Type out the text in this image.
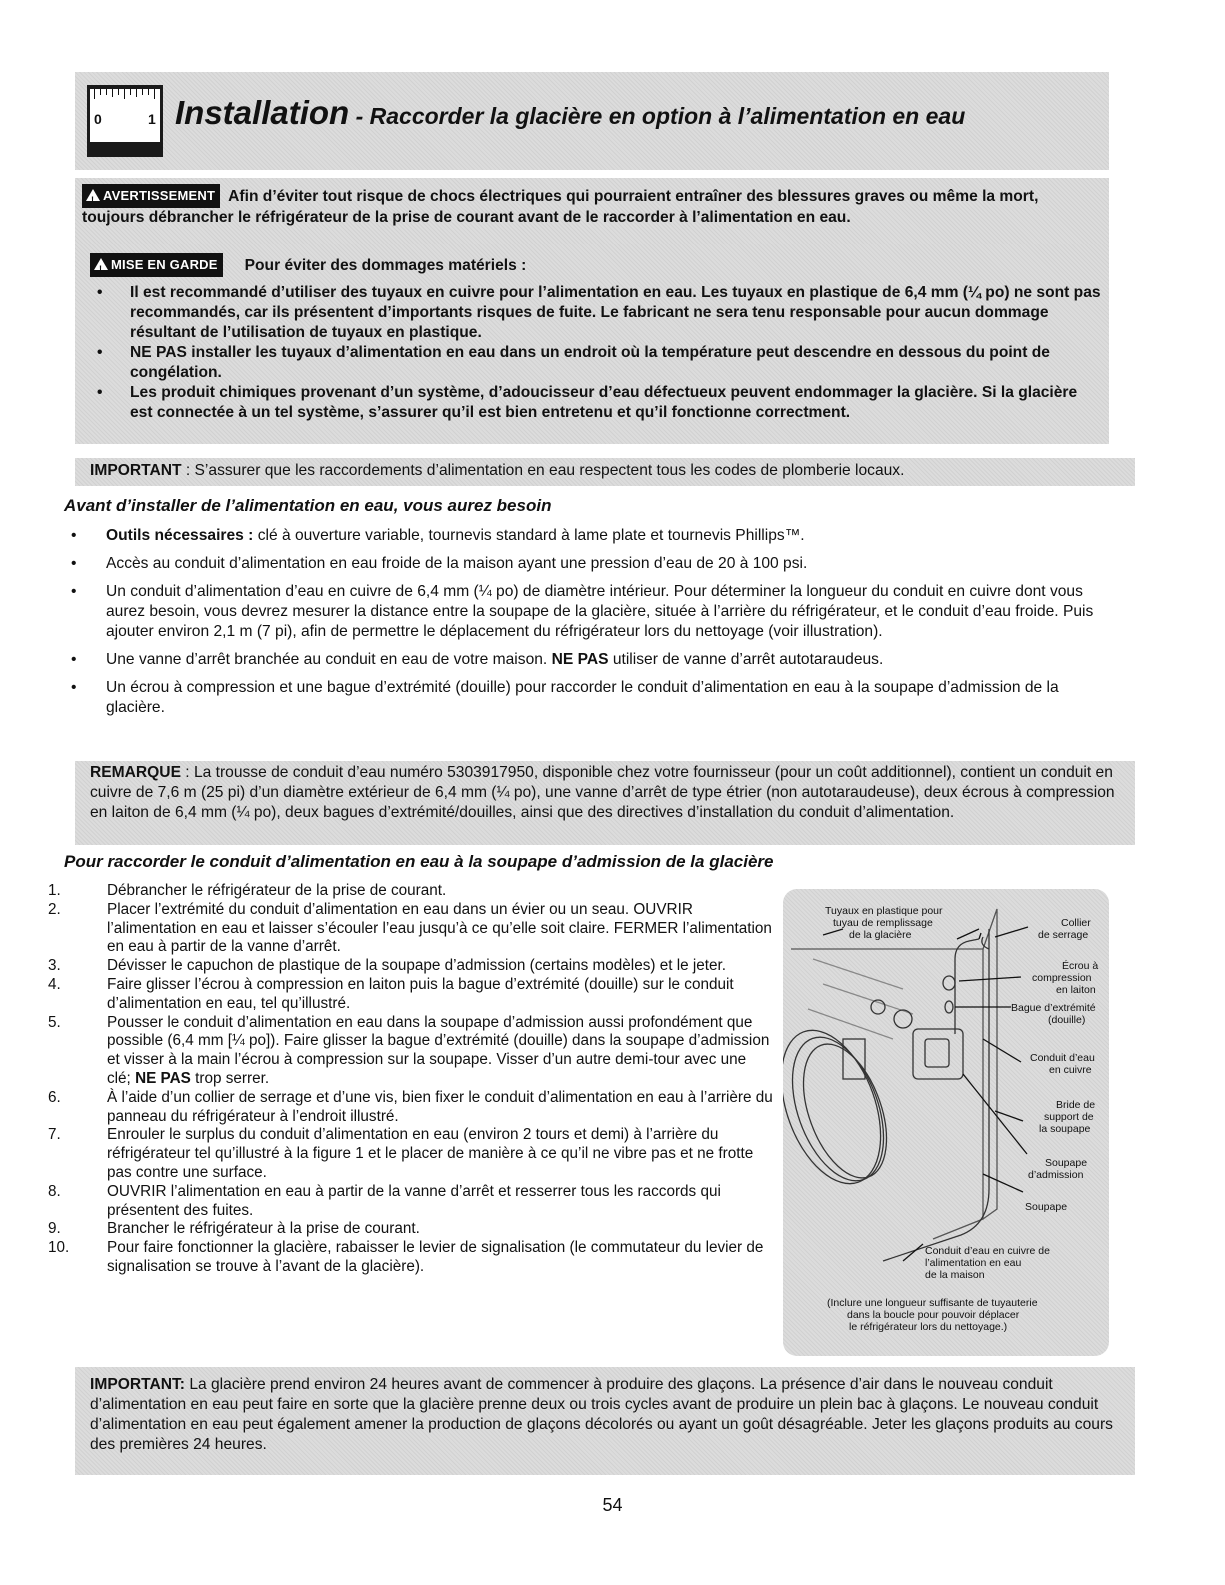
0	1 Installation - Raccorder la glacière en option à l’alimentation en eau
!AVERTISSEMENT Afin d’éviter tout risque de chocs électriques qui pourraient entraîner des blessures graves ou même la mort, toujours débrancher le réfrigérateur de la prise de courant avant de le raccorder à l’alimentation en eau.
!MISE EN GARDE Pour éviter des dommages matériels :
• Il est recommandé d’utiliser des tuyaux en cuivre pour l’alimentation en eau. Les tuyaux en plastique de 6,4 mm (¼ po) ne sont pas recommandés, car ils présentent d’importants risques de fuite. Le fabricant ne sera tenu responsable pour aucun dommage résultant de l’utilisation de tuyaux en plastique.
• NE PAS installer les tuyaux d’alimentation en eau dans un endroit où la température peut descendre en dessous du point de congélation.
• Les produit chimiques provenant d’un système, d’adoucisseur d’eau défectueux peuvent endommager la glacière. Si la glacière est connectée à un tel système, s’assurer qu’il est bien entretenu et qu’il fonctionne correctment.
IMPORTANT : S’assurer que les raccordements d’alimentation en eau respectent tous les codes de plomberie locaux.
Avant d’installer de l’alimentation en eau, vous aurez besoin
• Outils nécessaires : clé à ouverture variable, tournevis standard à lame plate et tournevis Phillips™.
• Accès au conduit d’alimentation en eau froide de la maison ayant une pression d’eau de 20 à 100 psi.
• Un conduit d’alimentation d’eau en cuivre de 6,4 mm (¼ po) de diamètre intérieur. Pour déterminer la longueur du conduit en cuivre dont vous aurez besoin, vous devrez mesurer la distance entre la soupape de la glacière, située à l’arrière du réfrigérateur, et le conduit d’eau froide. Puis ajouter environ 2,1 m (7 pi), afin de permettre le déplacement du réfrigérateur lors du nettoyage (voir illustration).
• Une vanne d’arrêt branchée au conduit en eau de votre maison. NE PAS utiliser de vanne d’arrêt autotaraudeus.
• Un écrou à compression et une bague d’extrémité (douille) pour raccorder le conduit d’alimentation en eau à la soupape d’admission de la glacière.
REMARQUE : La trousse de conduit d’eau numéro 5303917950, disponible chez votre fournisseur (pour un coût additionnel), contient un conduit en cuivre de 7,6 m (25 pi) d’un diamètre extérieur de 6,4 mm (¼ po), une vanne d’arrêt de type étrier (non autotaraudeuse), deux écrous à compression en laiton de 6,4 mm (¼ po), deux bagues d’extrémité/douilles, ainsi que des directives d’installation du conduit d’alimentation.
Pour raccorder le conduit d’alimentation en eau à la soupape d’admission de la glacière
1.	Débrancher le réfrigérateur de la prise de courant.
2.	Placer l’extrémité du conduit d’alimentation en eau dans un évier ou un seau. OUVRIR l’alimentation en eau et laisser s’écouler l’eau jusqu’à ce qu’elle soit claire. FERMER l’alimentation en eau à partir de la vanne d’arrêt.
3.	Dévisser le capuchon de plastique de la soupape d’admission (certains modèles) et le jeter.
4.	Faire glisser l’écrou à compression en laiton puis la bague d’extrémité (douille) sur le conduit d’alimentation en eau, tel qu’illustré.
5.	Pousser le conduit d’alimentation en eau dans la soupape d’admission aussi profondément que possible (6,4 mm [¼ po]). Faire glisser la bague d’extrémité (douille) dans la soupape d’admission et visser à la main l’écrou à compression sur la soupape. Visser d’un autre demi-tour avec une clé; NE PAS trop serrer.
6.	À l’aide d’un collier de serrage et d’une vis, bien fixer le conduit d’alimentation en eau à l’arrière du panneau du réfrigérateur à l’endroit illustré.
7.	Enrouler le surplus du conduit d’alimentation en eau (environ 2 tours et demi) à l’arrière du réfrigérateur tel qu’illustré à la figure 1 et le placer de manière à ce qu’il ne vibre pas et ne frotte pas contre une surface.
8.	OUVRIR l’alimentation en eau à partir de la vanne d’arrêt et resserrer tous les raccords qui présentent des fuites.
9.	Brancher le réfrigérateur à la prise de courant.
10. Pour faire fonctionner la glacière, rabaisser le levier de signalisation (le commutateur du levier de signalisation se trouve à l’avant de la glacière).
Tuyaux en plastique pour
tuyau de remplissage
de la glacière
Collier
de serrage
Écrou à
compression
en laiton
Bague d’extrémité
(douille)
Conduit d’eau
en cuivre
Bride de
support de
la soupape
Soupape
d’admission
Soupape
Conduit d’eau en cuivre de
l’alimentation en eau
de la maison
(Inclure une longueur suffisante de tuyauterie
dans la boucle pour pouvoir déplacer
le réfrigérateur lors du nettoyage.)
IMPORTANT: La glacière prend environ 24 heures avant de commencer à produire des glaçons. La présence d’air dans le nouveau conduit d’alimentation en eau peut faire en sorte que la glacière prenne deux ou trois cycles avant de produire un plein bac à glaçons. Le nouveau conduit d’alimentation en eau peut également amener la production de glaçons décolorés ou ayant un goût désagréable. Jeter les glaçons produits au cours des premières 24 heures.
54
